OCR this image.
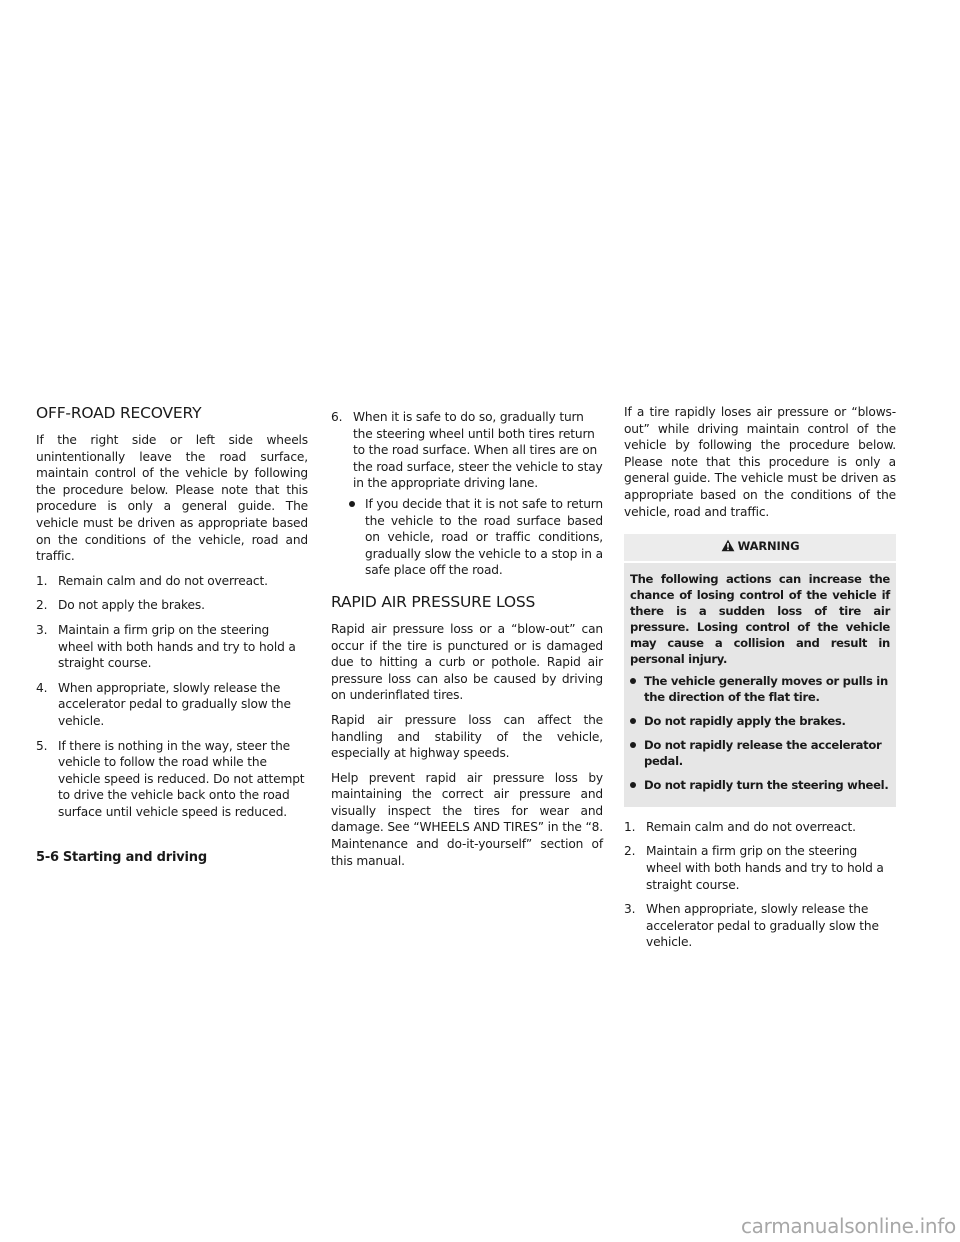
OFF-ROAD RECOVERY

If the right side or left side wheels unintentionally leave the road surface, maintain control of the vehicle by following the procedure below. Please note that this procedure is only a general guide. The vehicle must be driven as appropriate based on the conditions of the vehicle, road and traffic.

1. Remain calm and do not overreact.
2. Do not apply the brakes.
3. Maintain a firm grip on the steering wheel with both hands and try to hold a straight course.
4. When appropriate, slowly release the accelerator pedal to gradually slow the vehicle.
5. If there is nothing in the way, steer the vehicle to follow the road while the vehicle speed is reduced. Do not attempt to drive the vehicle back onto the road surface until vehicle speed is reduced.
6. When it is safe to do so, gradually turn the steering wheel until both tires return to the road surface. When all tires are on the road surface, steer the vehicle to stay in the appropriate driving lane.
If you decide that it is not safe to return the vehicle to the road surface based on vehicle, road or traffic conditions, gradually slow the vehicle to a stop in a safe place off the road.
RAPID AIR PRESSURE LOSS

Rapid air pressure loss or a “blow-out” can occur if the tire is punctured or is damaged due to hitting a curb or pothole. Rapid air pressure loss can also be caused by driving on underinflated tires.

Rapid air pressure loss can affect the handling and stability of the vehicle, especially at highway speeds.

Help prevent rapid air pressure loss by maintaining the correct air pressure and visually inspect the tires for wear and damage. See “WHEELS AND TIRES” in the “8. Maintenance and do-it-yourself” section of this manual.

If a tire rapidly loses air pressure or “blows-out” while driving maintain control of the vehicle by following the procedure below. Please note that this procedure is only a general guide. The vehicle must be driven as appropriate based on the conditions of the vehicle, road and traffic.

WARNING

The following actions can increase the chance of losing control of the vehicle if there is a sudden loss of tire air pressure. Losing control of the vehicle may cause a collision and result in personal injury.

The vehicle generally moves or pulls in the direction of the flat tire.
Do not rapidly apply the brakes.
Do not rapidly release the accelerator pedal.
Do not rapidly turn the steering wheel.
1. Remain calm and do not overreact.
2. Maintain a firm grip on the steering wheel with both hands and try to hold a straight course.
3. When appropriate, slowly release the accelerator pedal to gradually slow the vehicle.
5-6 Starting and driving
carmanualsonline.info
